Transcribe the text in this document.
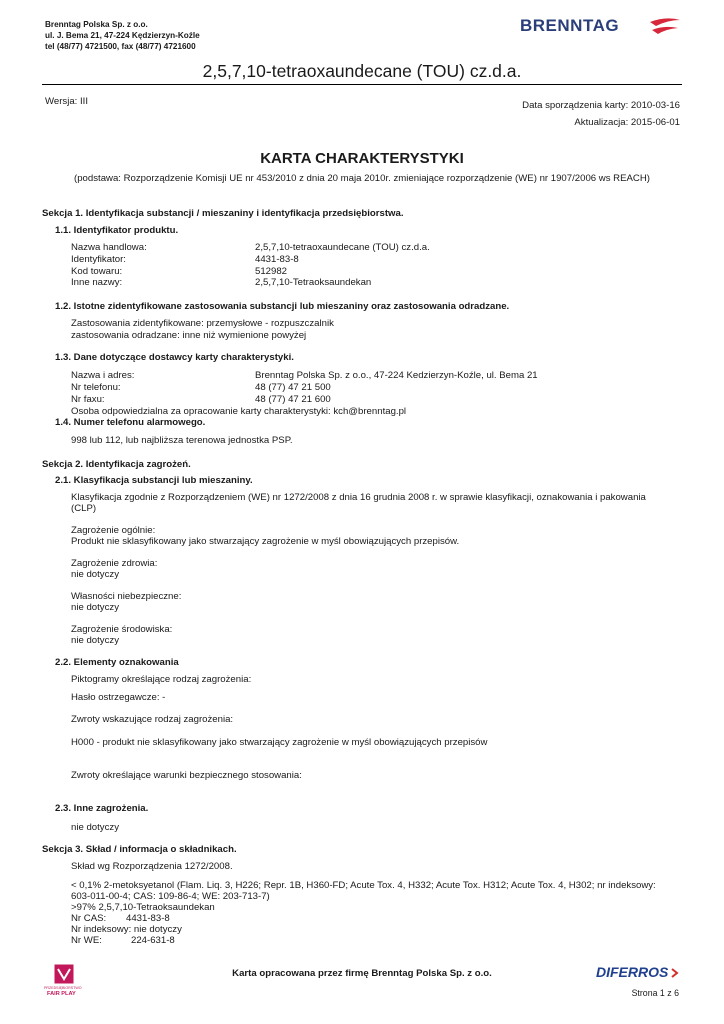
Brenntag Polska Sp. z o.o.
ul. J. Bema 21, 47-224 Kędzierzyn-Koźle
tel (48/77) 4721500, fax (48/77) 4721600
BRENNTAG
2,5,7,10-tetraoxaundecane (TOU) cz.d.a.
Wersja: III	Data sporządzenia karty: 2010-03-16
Aktualizacja: 2015-06-01
KARTA CHARAKTERYSTYKI
(podstawa: Rozporządzenie Komisji UE nr 453/2010 z dnia 20 maja 2010r. zmieniające rozporządzenie (WE) nr 1907/2006 ws REACH)
Sekcja 1. Identyfikacja substancji / mieszaniny i identyfikacja przedsiębiorstwa.
1.1. Identyfikator produktu.
Nazwa handlowa:	2,5,7,10-tetraoxaundecane (TOU) cz.d.a.
Identyfikator:	4431-83-8
Kod towaru:	512982
Inne nazwy:	2,5,7,10-Tetraoksaundekan
1.2. Istotne zidentyfikowane zastosowania substancji lub mieszaniny oraz zastosowania odradzane.
Zastosowania zidentyfikowane: przemysłowe - rozpuszczalnik
zastosowania odradzane: inne niż wymienione powyżej
1.3. Dane dotyczące dostawcy karty charakterystyki.
Nazwa i adres:	Brenntag Polska Sp. z o.o., 47-224 Kedzierzyn-Koźle, ul. Bema 21
Nr telefonu:	48 (77) 47 21 500
Nr faxu:	48 (77) 47 21 600
Osoba odpowiedzialna za opracowanie karty charakterystyki: kch@brenntag.pl
1.4. Numer telefonu alarmowego.
998 lub 112, lub najbliższa terenowa jednostka PSP.
Sekcja 2. Identyfikacja zagrożeń.
2.1. Klasyfikacja substancji lub mieszaniny.
Klasyfikacja zgodnie z Rozporządzeniem (WE) nr 1272/2008 z dnia 16 grudnia 2008 r. w sprawie klasyfikacji, oznakowania i pakowania
(CLP)
Zagrożenie ogólnie:
Produkt nie sklasyfikowany jako stwarzający zagrożenie w myśl obowiązujących przepisów.
Zagrożenie zdrowia:
nie dotyczy
Własności niebezpieczne:
nie dotyczy
Zagrożenie środowiska:
nie dotyczy
2.2. Elementy oznakowania
Piktogramy określające rodzaj zagrożenia:
Hasło ostrzegawcze: -
Zwroty wskazujące rodzaj zagrożenia:
H000 - produkt nie sklasyfikowany jako stwarzający zagrożenie w myśl obowiązujących przepisów
Zwroty określające warunki bezpiecznego stosowania:
2.3. Inne zagrożenia.
nie dotyczy
Sekcja 3. Skład / informacja o składnikach.
Skład wg Rozporządzenia 1272/2008.
< 0,1% 2-metoksyetanol (Flam. Liq. 3, H226; Repr. 1B, H360-FD; Acute Tox. 4, H332; Acute Tox. H312; Acute Tox. 4, H302; nr indeksowy:
603-011-00-4; CAS: 109-86-4; WE: 203-713-7)
>97% 2,5,7,10-Tetraoksaundekan
Nr CAS: 4431-83-8
Nr indeksowy: nie dotyczy
Nr WE:	224-631-8
PRZEDSIĘBIORSTWO
FAIR PLAY
Karta opracowana przez firmę Brenntag Polska Sp. z o.o.	DIFERROS
Strona 1 z 6
